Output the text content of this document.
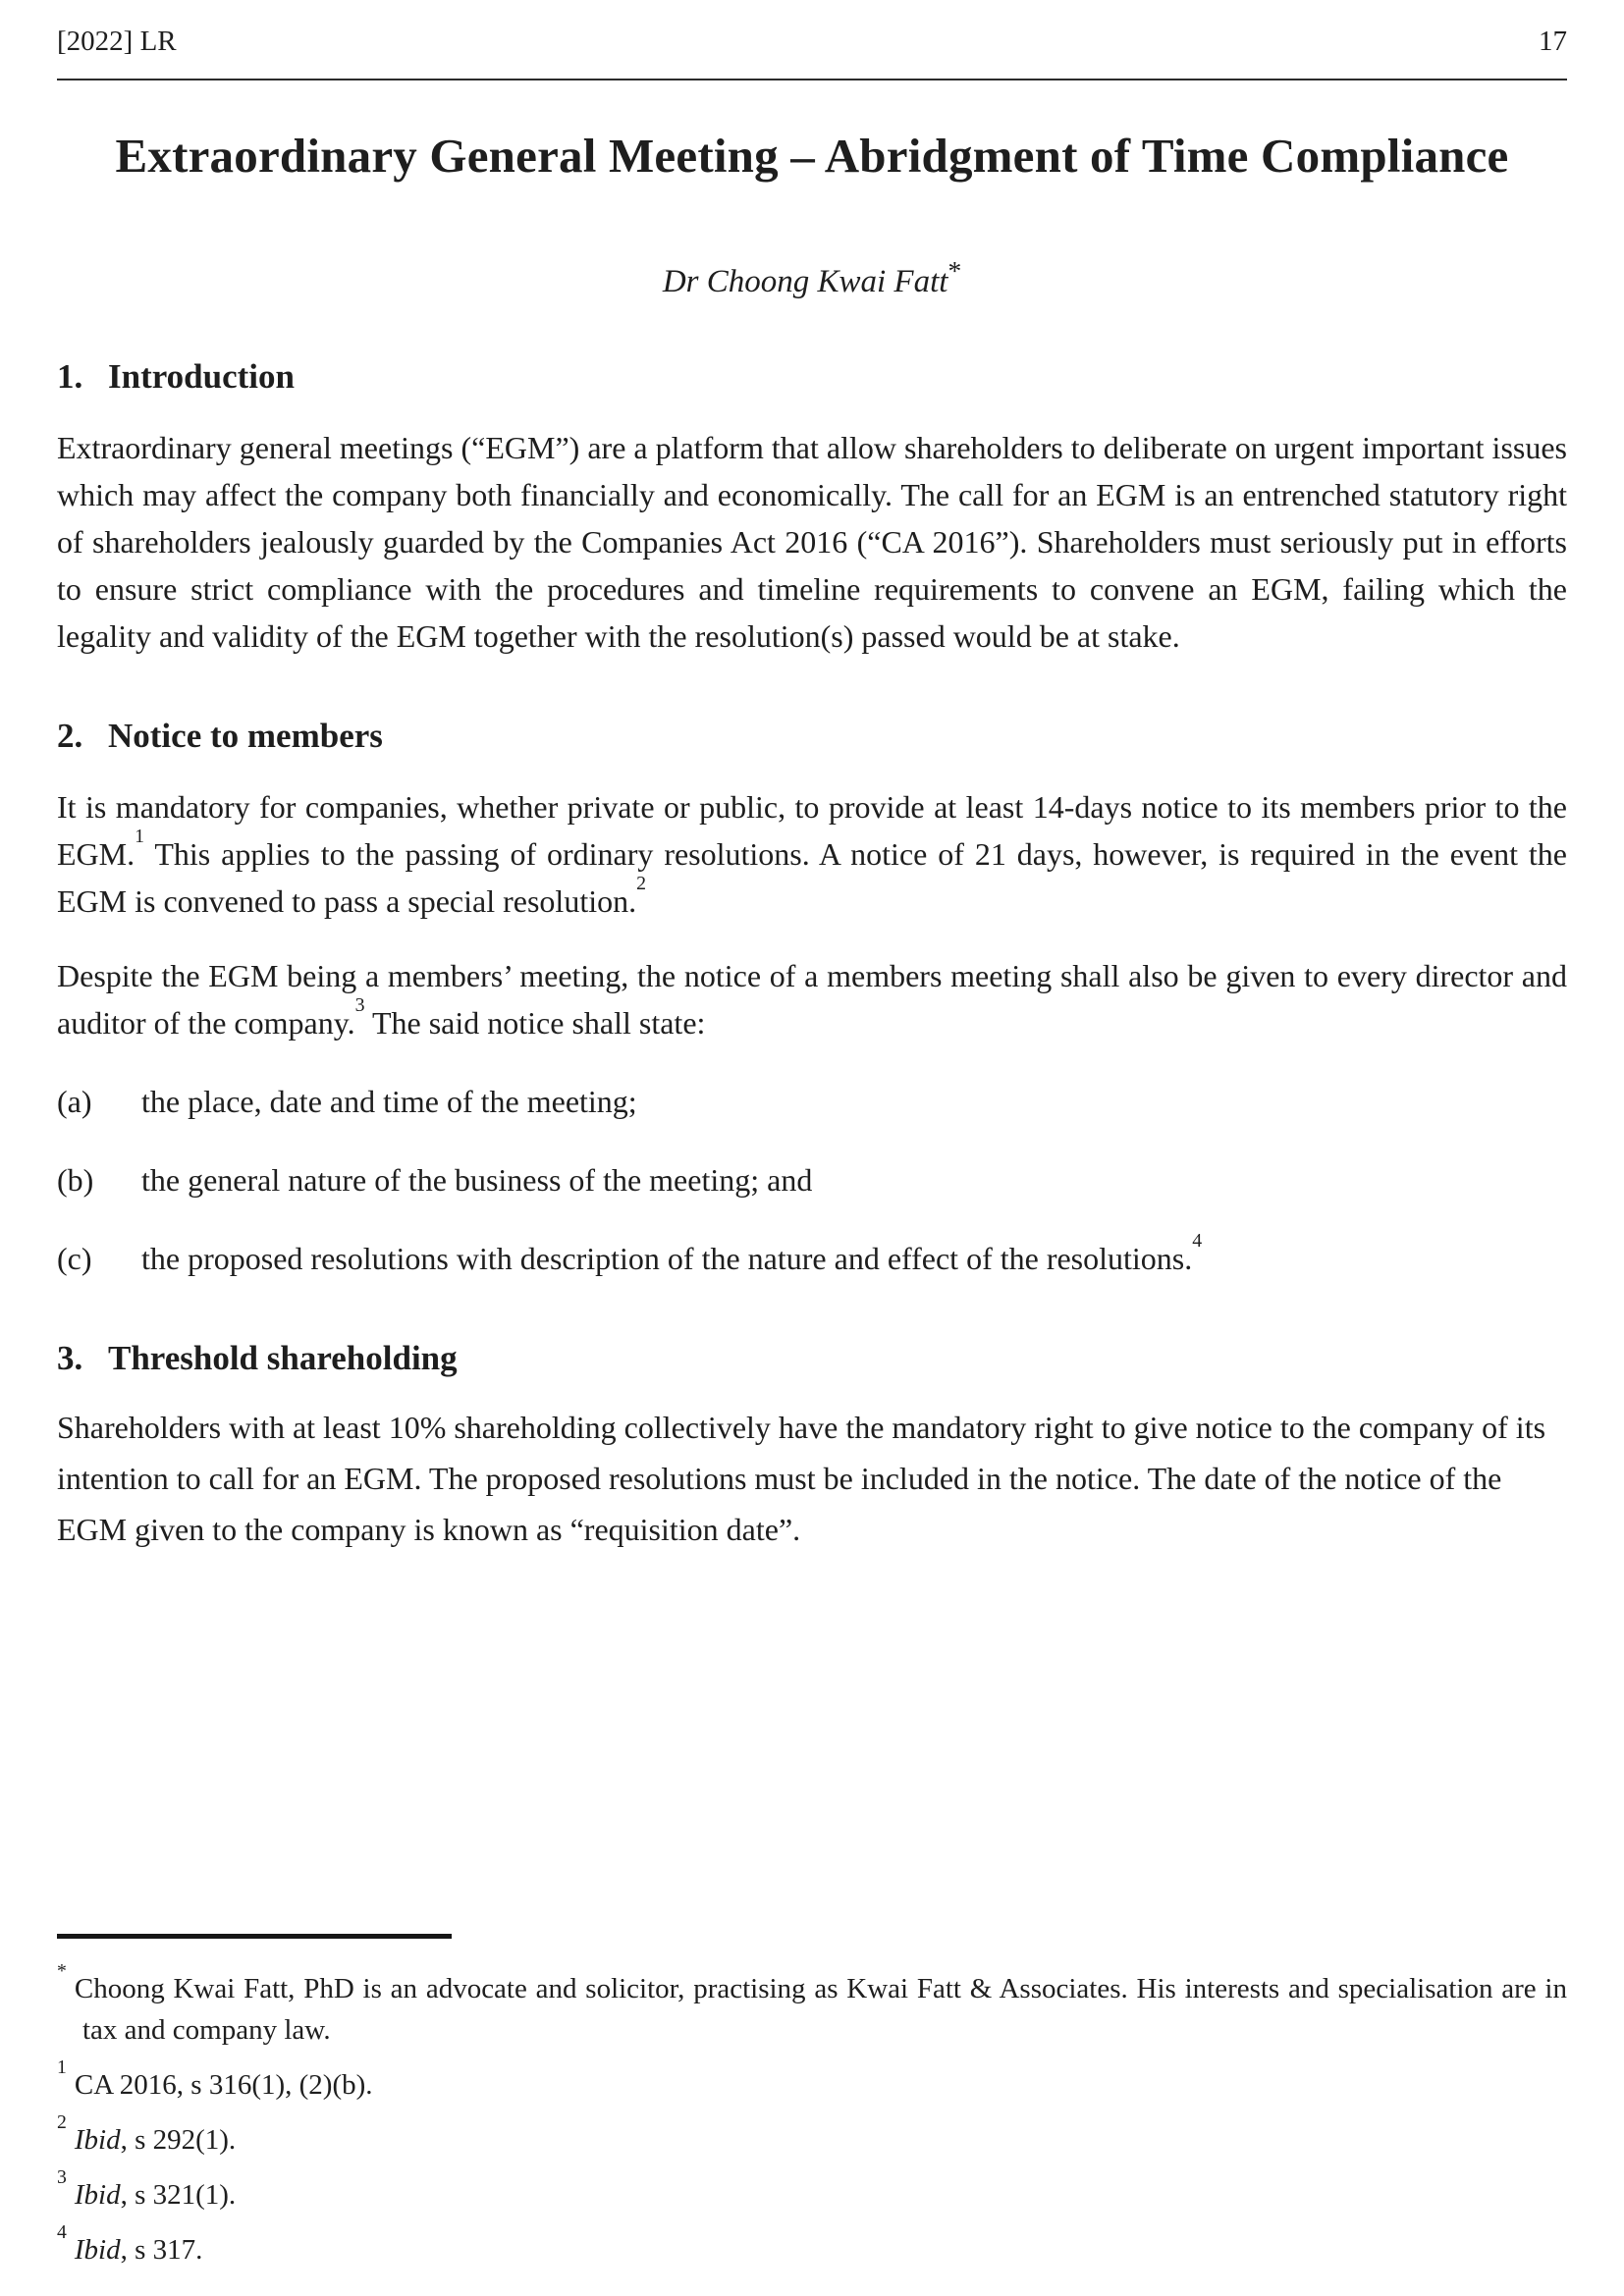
[2022] LR	17
Extraordinary General Meeting – Abridgment of Time Compliance
Dr Choong Kwai Fatt*
1. Introduction

Extraordinary general meetings (“EGM”) are a platform that allow shareholders to deliberate on urgent important issues which may affect the company both financially and economically. The call for an EGM is an entrenched statutory right of shareholders jealously guarded by the Companies Act 2016 (“CA 2016”). Shareholders must seriously put in efforts to ensure strict compliance with the procedures and timeline requirements to convene an EGM, failing which the legality and validity of the EGM together with the resolution(s) passed would be at stake.

2. Notice to members

It is mandatory for companies, whether private or public, to provide at least 14-days notice to its members prior to the EGM.$^1$ This applies to the passing of ordinary resolutions. A notice of 21 days, however, is required in the event the EGM is convened to pass a special resolution.$^2$

Despite the EGM being a members’ meeting, the notice of a members meeting shall also be given to every director and auditor of the company.$^3$ The said notice shall state:

(a)	the place, date and time of the meeting;
(b)	the general nature of the business of the meeting; and
(c)	the proposed resolutions with description of the nature and effect of the resolutions.$^4$
3. Threshold shareholding

Shareholders with at least 10% shareholding collectively have the mandatory right to give notice to the company of its intention to call for an EGM. The proposed resolutions must be included in the notice. The date of the notice of the EGM given to the company is known as “requisition date”.

*Choong Kwai Fatt, PhD is an advocate and solicitor, practising as Kwai Fatt & Associates. His interests and specialisation are in tax and company law.
$^1$CA 2016, s 316(1), (2)(b).
$^2$Ibid, s 292(1).
$^3$Ibid, s 321(1).
$^4$Ibid, s 317.
